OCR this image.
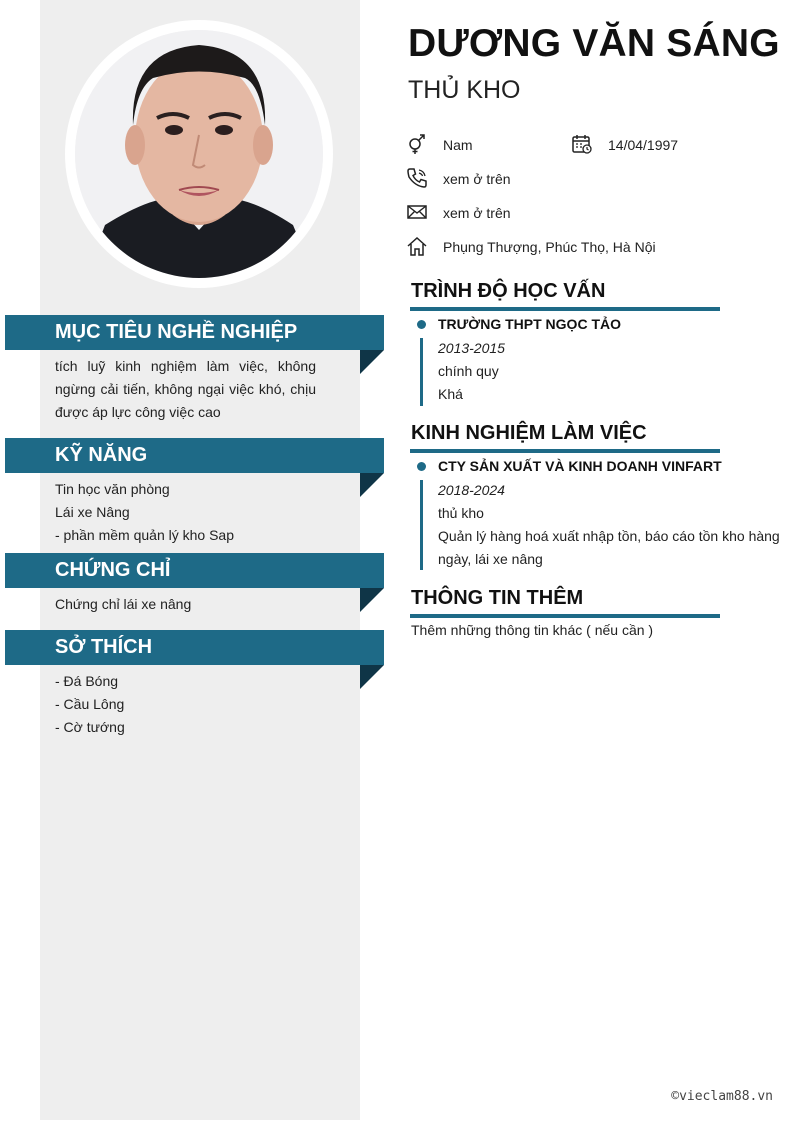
MỤC TIÊU NGHỀ NGHIỆP
tích luỹ kinh nghiệm làm việc, không ngừng cải tiến, không ngại việc khó, chịu được áp lực công việc cao
KỸ NĂNG
Tin học văn phòng
Lái xe Nâng
- phần mềm quản lý kho Sap
CHỨNG CHỈ
Chứng chỉ lái xe nâng
SỞ THÍCH
- Đá Bóng
- Cầu Lông
- Cờ tướng
DƯƠNG VĂN SÁNG
THỦ KHO
Nam	14/04/1997
xem ở trên
xem ở trên
Phụng Thượng, Phúc Thọ, Hà Nội
TRÌNH ĐỘ HỌC VẤN
TRƯỜNG THPT NGỌC TẢO
2013-2015
chính quy
Khá
KINH NGHIỆM LÀM VIỆC
CTY SẢN XUẤT VÀ KINH DOANH VINFART
2018-2024
thủ kho
Quản lý hàng hoá xuất nhập tồn, báo cáo tồn kho hàng ngày, lái xe nâng
THÔNG TIN THÊM
Thêm những thông tin khác ( nếu cần )
©vieclam88.vn
